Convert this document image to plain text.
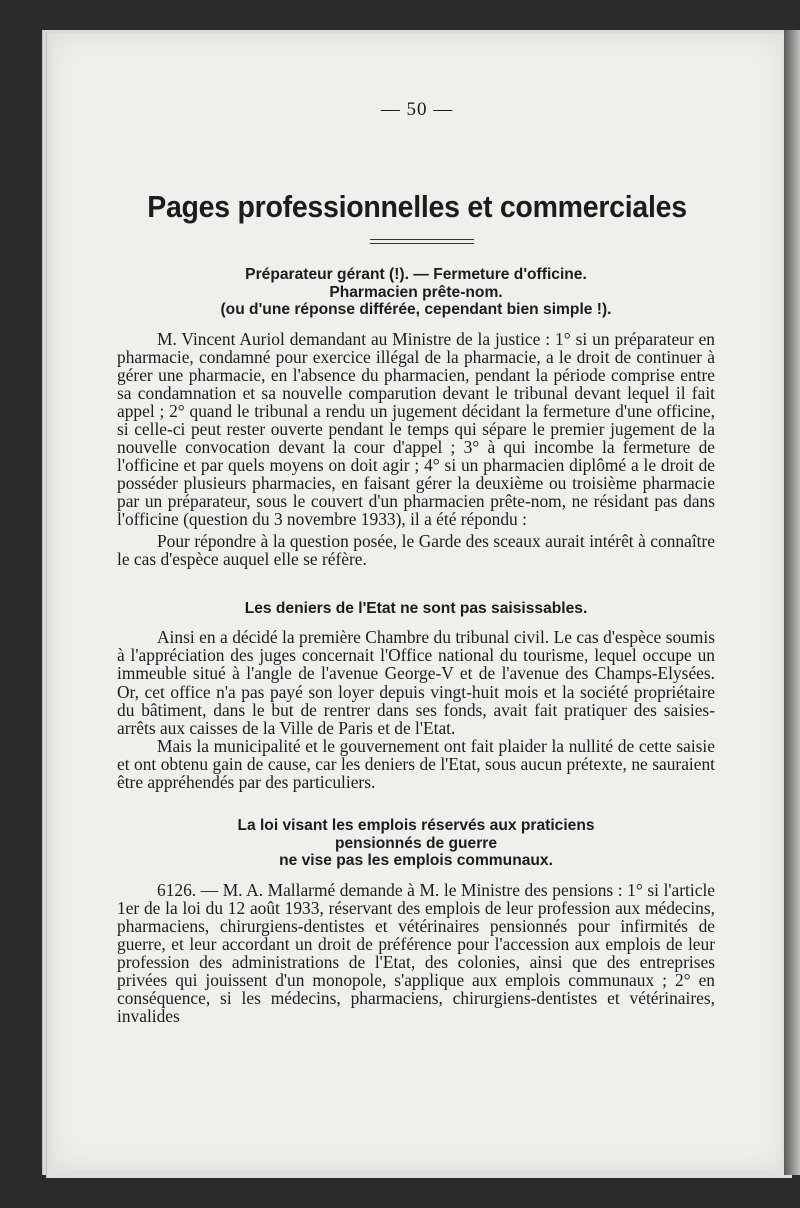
— 50 —
Pages professionnelles et commerciales
Préparateur gérant (!). — Fermeture d'officine.
Pharmacien prête-nom.
(ou d'une réponse différée, cependant bien simple !).

M. Vincent Auriol demandant au Ministre de la justice : 1° si un préparateur en pharmacie, condamné pour exercice illégal de la pharmacie, a le droit de continuer à gérer une pharmacie, en l'absence du pharmacien, pendant la période comprise entre sa condamnation et sa nouvelle comparution devant le tribunal devant lequel il fait appel ; 2° quand le tribunal a rendu un jugement décidant la fermeture d'une officine, si celle-ci peut rester ouverte pendant le temps qui sépare le premier jugement de la nouvelle convocation devant la cour d'appel ; 3° à qui incombe la fermeture de l'officine et par quels moyens on doit agir ; 4° si un pharmacien diplômé a le droit de posséder plusieurs pharmacies, en faisant gérer la deuxième ou troisième pharmacie par un préparateur, sous le couvert d'un pharmacien prête-nom, ne résidant pas dans l'officine (question du 3 novembre 1933), il a été répondu :

Pour répondre à la question posée, le Garde des sceaux aurait intérêt à connaître le cas d'espèce auquel elle se réfère.

Les deniers de l'Etat ne sont pas saisissables.

Ainsi en a décidé la première Chambre du tribunal civil. Le cas d'espèce soumis à l'appréciation des juges concernait l'Office national du tourisme, lequel occupe un immeuble situé à l'angle de l'avenue George-V et de l'avenue des Champs-Elysées. Or, cet office n'a pas payé son loyer depuis vingt-huit mois et la société propriétaire du bâtiment, dans le but de rentrer dans ses fonds, avait fait pratiquer des saisies-arrêts aux caisses de la Ville de Paris et de l'Etat.

Mais la municipalité et le gouvernement ont fait plaider la nullité de cette saisie et ont obtenu gain de cause, car les deniers de l'Etat, sous aucun prétexte, ne sauraient être appréhendés par des particuliers.

La loi visant les emplois réservés aux praticiens
pensionnés de guerre
ne vise pas les emplois communaux.

6126. — M. A. Mallarmé demande à M. le Ministre des pensions : 1° si l'article 1er de la loi du 12 août 1933, réservant des emplois de leur profession aux médecins, pharmaciens, chirurgiens-dentistes et vétérinaires pensionnés pour infirmités de guerre, et leur accordant un droit de préférence pour l'accession aux emplois de leur profession des administrations de l'Etat, des colonies, ainsi que des entreprises privées qui jouissent d'un monopole, s'applique aux emplois communaux ; 2° en conséquence, si les médecins, pharmaciens, chirurgiens-dentistes et vétérinaires, invalides
